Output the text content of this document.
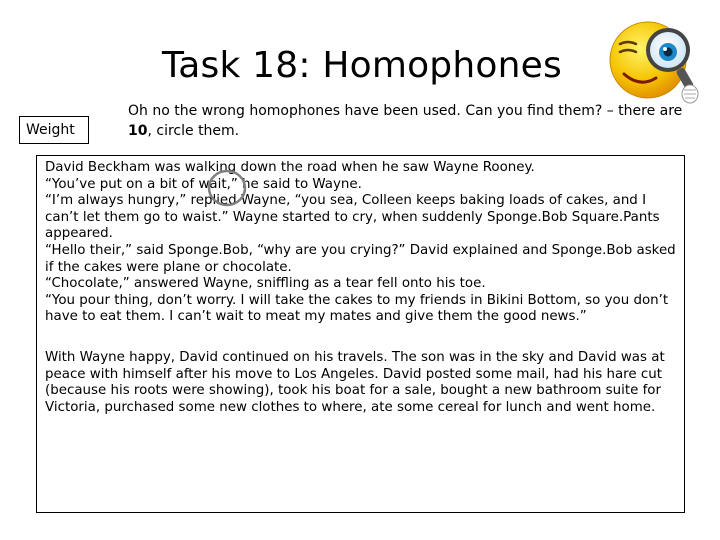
Task 18: Homophones
Weight
Oh no the wrong homophones have been used. Can you find them? – there are 10, circle them.

David Beckham was walking down the road when he saw Wayne Rooney.

“You’ve put on a bit of wait,” he said to Wayne.

“I’m always hungry,” replied Wayne, “you sea, Colleen keeps baking loads of cakes, and I can’t let them go to waist.” Wayne started to cry, when suddenly Sponge.Bob Square.Pants appeared.

“Hello their,” said Sponge.Bob, “why are you crying?” David explained and Sponge.Bob asked if the cakes were plane or chocolate.

“Chocolate,” answered Wayne, sniffling as a tear fell onto his toe.

“You pour thing, don’t worry. I will take the cakes to my friends in Bikini Bottom, so you don’t have to eat them. I can’t wait to meat my mates and give them the good news.”

With Wayne happy, David continued on his travels. The son was in the sky and David was at peace with himself after his move to Los Angeles. David posted some mail, had his hare cut (because his roots were showing), took his boat for a sale, bought a new bathroom suite for Victoria, purchased some new clothes to where, ate some cereal for lunch and went home.
